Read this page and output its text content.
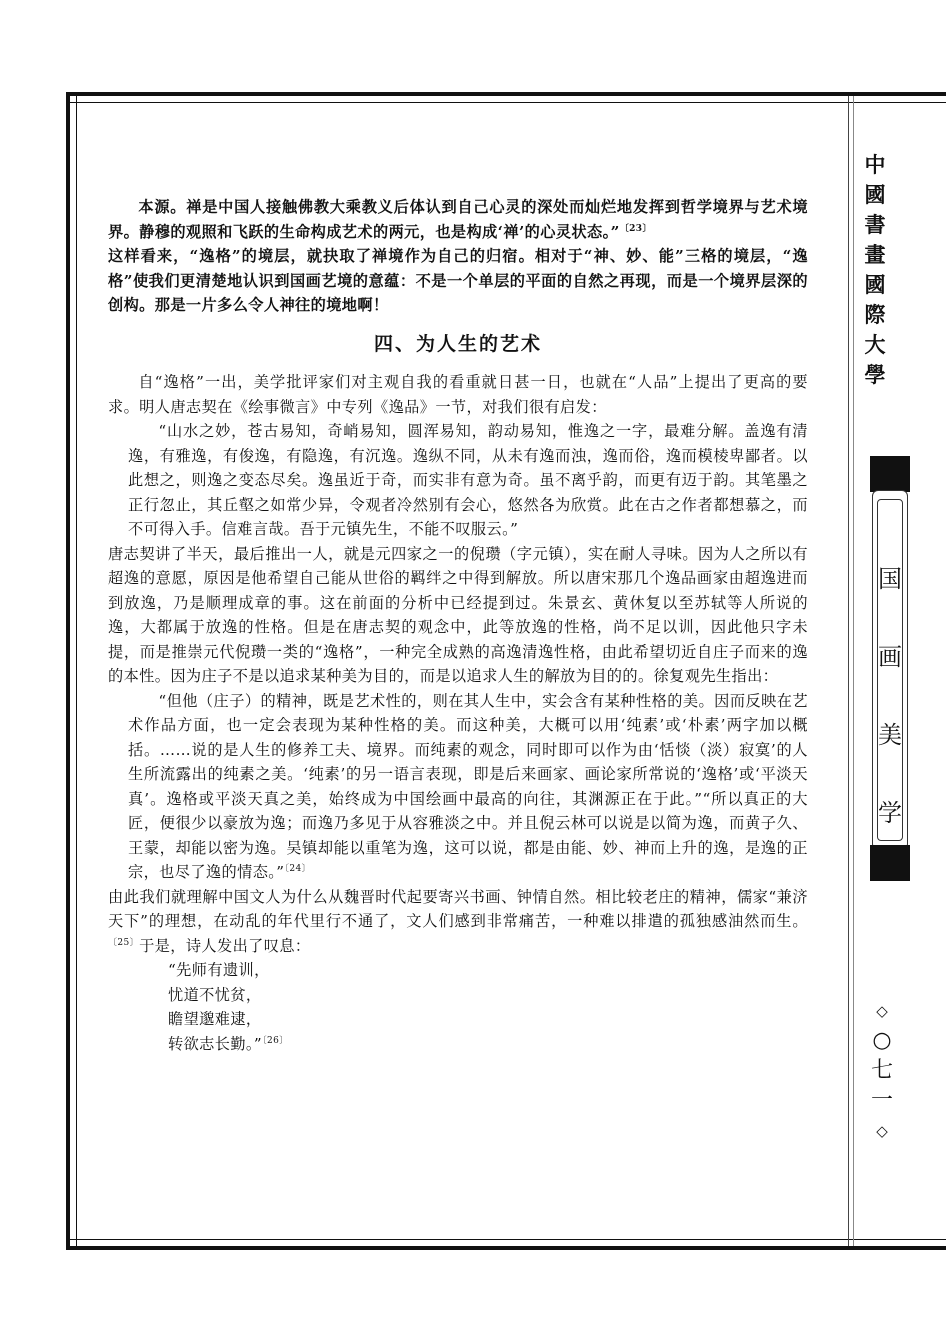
本源。禅是中国人接触佛教大乘教义后体认到自己心灵的深处而灿烂地发挥到哲学境界与艺术境界。静穆的观照和飞跃的生命构成艺术的两元，也是构成‘禅’的心灵状态。”$^{〔23〕}$

这样看来，“逸格”的境层，就抉取了禅境作为自己的归宿。相对于“神、妙、能”三格的境层，“逸格”使我们更清楚地认识到国画艺境的意蕴：不是一个单层的平面的自然之再现，而是一个境界层深的创构。那是一片多么令人神往的境地啊！

四、为人生的艺术

自“逸格”一出，美学批评家们对主观自我的看重就日甚一日，也就在“人品”上提出了更高的要求。明人唐志契在《绘事微言》中专列《逸品》一节，对我们很有启发：

“山水之妙，苍古易知，奇峭易知，圆浑易知，韵动易知，惟逸之一字，最难分解。盖逸有清逸，有雅逸，有俊逸，有隐逸，有沉逸。逸纵不同，从未有逸而浊，逸而俗，逸而模棱卑鄙者。以此想之，则逸之变态尽矣。逸虽近于奇，而实非有意为奇。虽不离乎韵，而更有迈于韵。其笔墨之正行忽止，其丘壑之如常少异，令观者冷然别有会心，悠然各为欣赏。此在古之作者都想慕之，而不可得入手。信难言哉。吾于元镇先生，不能不叹服云。”

唐志契讲了半天，最后推出一人，就是元四家之一的倪瓒（字元镇），实在耐人寻味。因为人之所以有超逸的意愿，原因是他希望自己能从世俗的羁绊之中得到解放。所以唐宋那几个逸品画家由超逸进而到放逸，乃是顺理成章的事。这在前面的分析中已经提到过。朱景玄、黄休复以至苏轼等人所说的逸，大都属于放逸的性格。但是在唐志契的观念中，此等放逸的性格，尚不足以训，因此他只字未提，而是推崇元代倪瓒一类的“逸格”，一种完全成熟的高逸清逸性格，由此希望切近自庄子而来的逸的本性。因为庄子不是以追求某种美为目的，而是以追求人生的解放为目的的。徐复观先生指出：

“但他（庄子）的精神，既是艺术性的，则在其人生中，实会含有某种性格的美。因而反映在艺术作品方面，也一定会表现为某种性格的美。而这种美，大概可以用‘纯素’或‘朴素’两字加以概括。……说的是人生的修养工夫、境界。而纯素的观念，同时即可以作为由‘恬惔（淡）寂寞’的人生所流露出的纯素之美。‘纯素’的另一语言表现，即是后来画家、画论家所常说的‘逸格’或‘平淡天真’。逸格或平淡天真之美，始终成为中国绘画中最高的向往，其渊源正在于此。”“所以真正的大匠，便很少以豪放为逸；而逸乃多见于从容雅淡之中。并且倪云林可以说是以简为逸，而黄子久、王蒙，却能以密为逸。吴镇却能以重笔为逸，这可以说，都是由能、妙、神而上升的逸，是逸的正宗，也尽了逸的情态。”$^{〔24〕}$

由此我们就理解中国文人为什么从魏晋时代起要寄兴书画、钟情自然。相比较老庄的精神，儒家“兼济天下”的理想，在动乱的年代里行不通了，文人们感到非常痛苦，一种难以排遣的孤独感油然而生。$^{〔25〕}$于是，诗人发出了叹息：

“先师有遗训，
忧道不忧贫，
瞻望邈难逮，
转欲志长勤。”$^{〔26〕}$
中
國
書
畫
國
際
大
學
国
画
美
学
◇
○
七
一
◇
